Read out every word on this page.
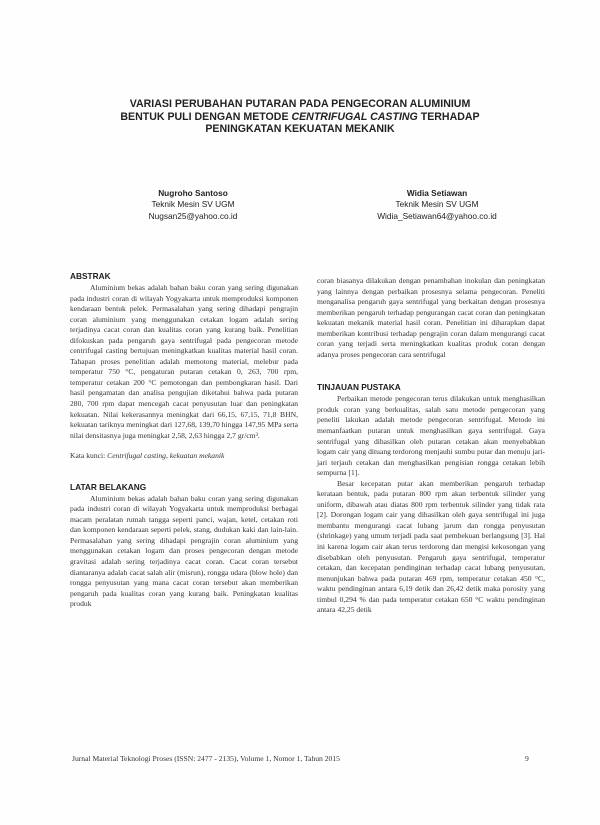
VARIASI PERUBAHAN PUTARAN PADA PENGECORAN ALUMINIUM
BENTUK PULI DENGAN METODE CENTRIFUGAL CASTING TERHADAP
PENINGKATAN KEKUATAN MEKANIK
Nugroho Santoso
Teknik Mesin SV UGM
Nugsan25@yahoo.co.id
Widia Setiawan
Teknik Mesin SV UGM
Widia_Setiawan64@yahoo.co.id
ABSTRAK

Aluminium bekas adalah bahan baku coran yang sering digunakan pada industri coran di wilayah Yogyakarta untuk memproduksi komponen kendaraan bentuk pelek. Permasalahan yang sering dihadapi pengrajin coran aluminium yang menggunakan cetakan logam adalah sering terjadinya cacat coran dan kualitas coran yang kurang baik. Penelitian difokuskan pada pengaruh gaya sentrifugal pada pengecoran metode centrifugal casting bertujuan meningkatkan kualitas material hasil coran. Tahapan proses penelitian adalah memotong material, melebur pada temperatur 750 °C, pengaturan putaran cetakan 0, 263, 700 rpm, temperatur cetakan 200 °C pemotongan dan pembongkaran hasil. Dari hasil pengamatan dan analisa pengujian diketahui bahwa pada putaran 280, 700 rpm dapat mencegah cacat penyusutan luar dan peningkatan kekuatan. Nilai kekerasannya meningkat dari 66,15, 67,15, 71,8 BHN, kekuatan tariknya meningkat dari 127,68, 139,70 hingga 147,95 MPa serta nilai densitasnya juga meningkat 2,58, 2,63 hingga 2,7 gr/cm³.

Kata kunci: Centrifugal casting, kekuatan mekanik

LATAR BELAKANG

Aluminium bekas adalah bahan baku coran yang sering digunakan pada industri coran di wilayah Yogyakarta untuk memproduksi berbagai macam peralatan rumah tangga seperti panci, wajan, ketel, cetakan roti dan komponen kendaraan seperti pelek, stang, dudukan kaki dan lain-lain. Permasalahan yang sering dihadapi pengrajin coran aluminium yang menggunakan cetakan logam dan proses pengecoran dengan metode gravitasi adalah sering terjadinya cacat coran. Cacat coran tersebut diantaranya adalah cacat salah alir (misrun), rongga udara (blow hole) dan rongga penyusutan yang mana cacat coran tersebut akan memberikan pengaruh pada kualitas coran yang kurang baik. Peningkatan kualitas produk

coran biasanya dilakukan dengan penambahan inokulan dan peningkatan yang lainnya dengan perbaikan prosesnya selama pengecoran. Peneliti menganalisa pengaruh gaya sentrifugal yang berkaitan dengan prosesnya memberikan pengaruh terhadap pengurangan cacat coran dan peningkatan kekuatan mekanik material hasil coran. Penelitian ini diharapkan dapat memberikan kontribusi terhadap pengrajin coran dalam mengurangi cacat coran yang terjadi serta meningkatkan kualitas produk coran dengan adanya proses pengecoran cara sentrifugal

TINJAUAN PUSTAKA

Perbaikan metode pengecoran terus dilakukan untuk menghasilkan produk coran yang berkualitas, salah satu metode pengecoran yang peneliti lakukan adalah metode pengecoran sentrifugal. Metode ini memanfaatkan putaran untuk menghasilkan gaya sentrifugal. Gaya sentrifugal yang dihasilkan oleh putaran cetakan akan menyebabkan logam cair yang dituang terdorong menjauhi sumbu putar dan menuju jari-jari terjauh cetakan dan menghasilkan pengisian rongga cetakan lebih sempurna [1].

Besar kecepatan putar akan memberikan pengaruh terhadap kerataan bentuk, pada putaran 800 rpm akan terbentuk silinder yang uniform, dibawah atau diatas 800 rpm terbentuk silinder yang tidak rata [2]. Dorongan logam cair yang dihasilkan oleh gaya sentrifugal ini juga membantu mengurangi cacat lubang jarum dan rongga penyusutan (shrinkage) yang umum terjadi pada saat pembekuan berlangsung [3]. Hal ini karena logam cair akan terus terdorong dan mengisi kekosongan yang disebabkan oleh penyusutan. Pengaruh gaya sentrifugal, temperatur cetakan, dan kecepatan pendinginan terhadap cacat lubang penyusutan, menunjukan bahwa pada putaran 469 rpm, temperatur cetakan 450 °C, waktu pendinginan antara 6,19 detik dan 26,42 detik maka porosity yang timbul 0,294 % dan pada temperatur cetakan 650 °C waktu pendinginan antara 42,25 detik

Jurnal Material Teknologi Proses (ISSN: 2477 - 2135), Volume 1, Nomor 1, Tahun 2015	9
